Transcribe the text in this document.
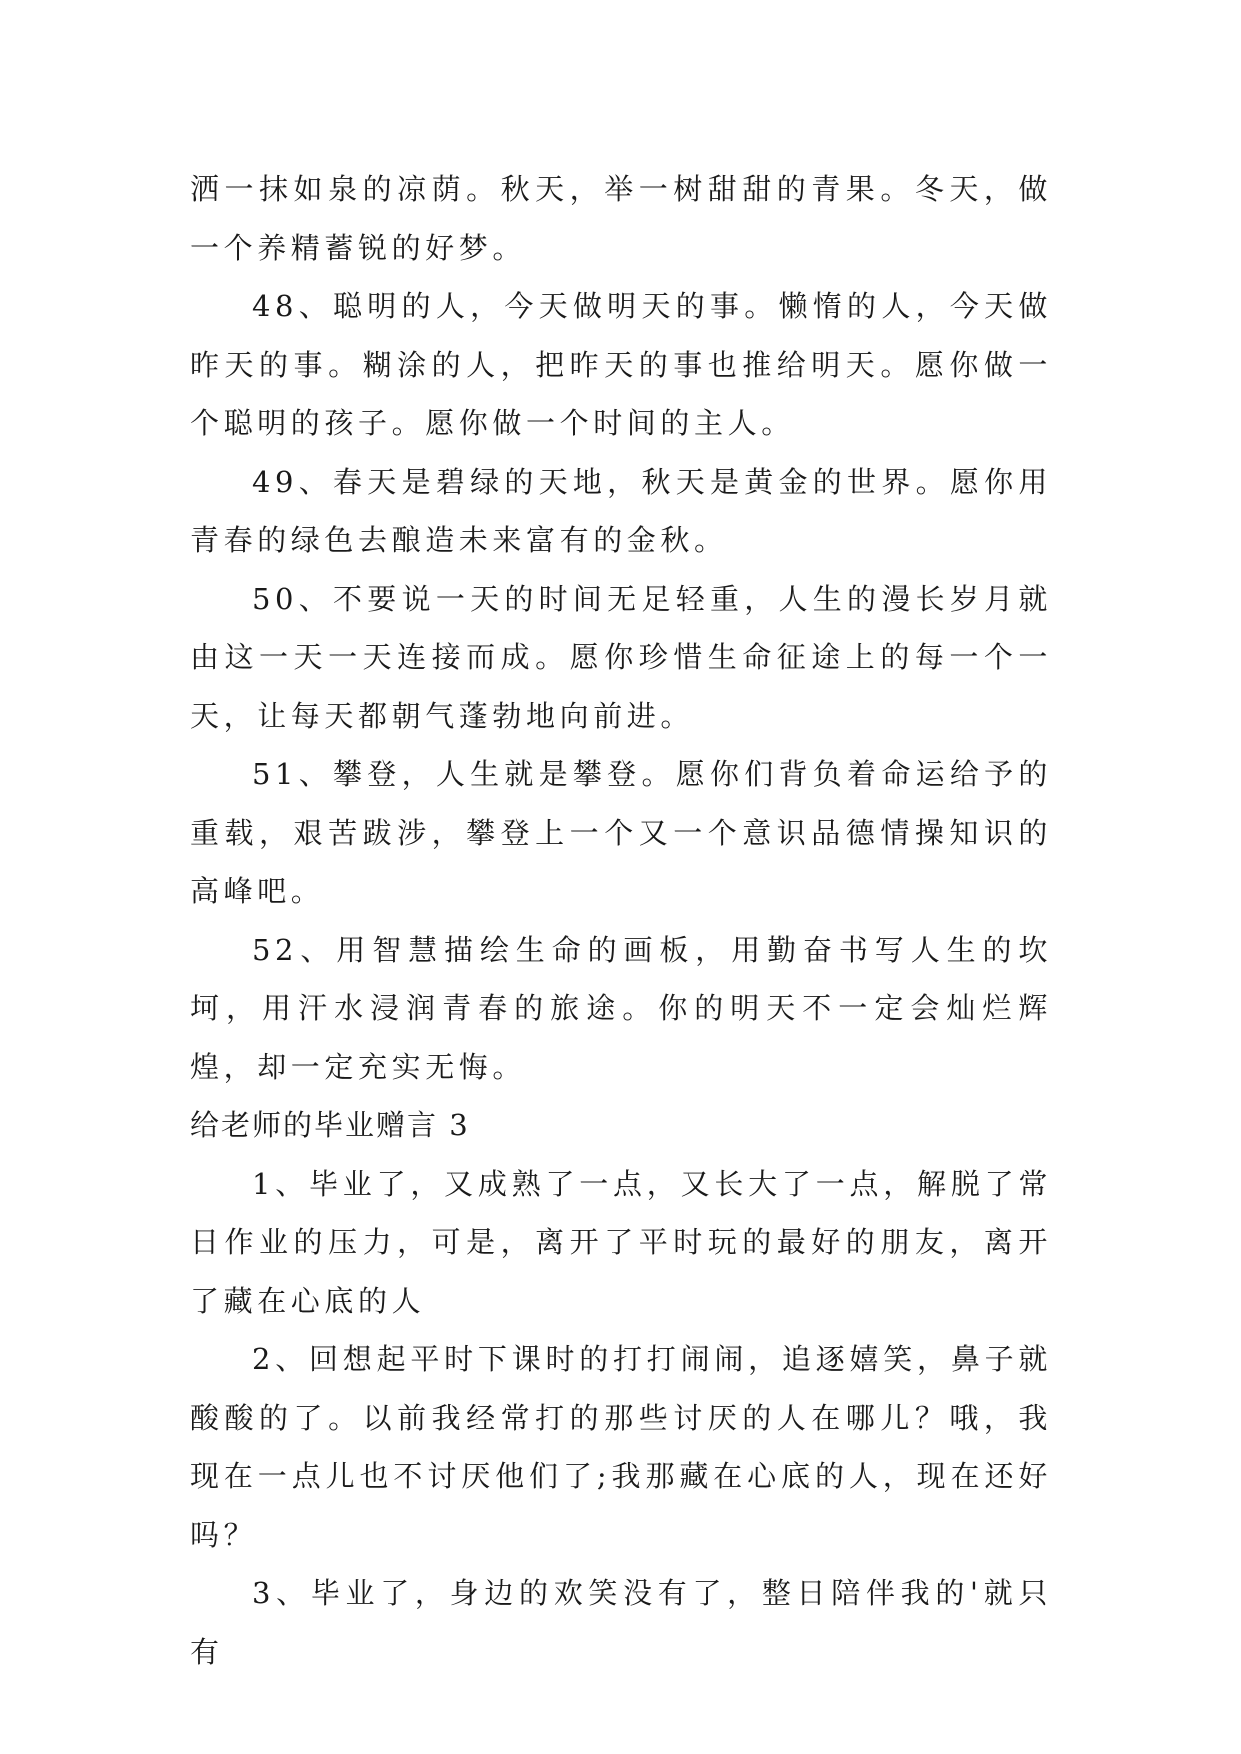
洒一抹如泉的凉荫。秋天，举一树甜甜的青果。冬天，做一个养精蓄锐的好梦。

48、聪明的人，今天做明天的事。懒惰的人，今天做昨天的事。糊涂的人，把昨天的事也推给明天。愿你做一个聪明的孩子。愿你做一个时间的主人。

49、春天是碧绿的天地，秋天是黄金的世界。愿你用青春的绿色去酿造未来富有的金秋。

50、不要说一天的时间无足轻重，人生的漫长岁月就由这一天一天连接而成。愿你珍惜生命征途上的每一个一天，让每天都朝气蓬勃地向前进。

51、攀登，人生就是攀登。愿你们背负着命运给予的重载，艰苦跋涉，攀登上一个又一个意识品德情操知识的高峰吧。

52、用智慧描绘生命的画板，用勤奋书写人生的坎坷，用汗水浸润青春的旅途。你的明天不一定会灿烂辉煌，却一定充实无悔。

给老师的毕业赠言 3

1、毕业了，又成熟了一点，又长大了一点，解脱了常日作业的压力，可是，离开了平时玩的最好的朋友，离开了藏在心底的人

2、回想起平时下课时的打打闹闹，追逐嬉笑，鼻子就酸酸的了。以前我经常打的那些讨厌的人在哪儿？哦，我现在一点儿也不讨厌他们了;我那藏在心底的人，现在还好吗？

3、毕业了，身边的欢笑没有了，整日陪伴我的'就只有
